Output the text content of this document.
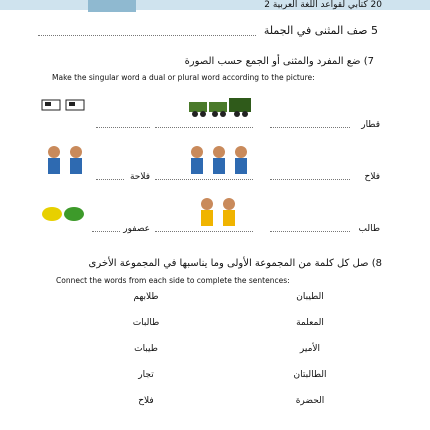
20 كتابي لقواعد اللغة العربية 2
5 صف المثنى في الجملة
7) ضع المفرد والمثنى أو الجمع حسب الصورة
Make the singular word a dual or plural word according to the picture:
قطار
فلاح
فلاحة
طالب
عصفور
8) صل كل كلمة من المجموعة الأولى وما يناسبها في المجموعة الأخرى
Connect the words from each side to complete the sentences:
الطيبان
المعلمة
الأمير
الطالبتان
الحضرة
طلابهم
طالبات
طيبات
تجار
فلاح
